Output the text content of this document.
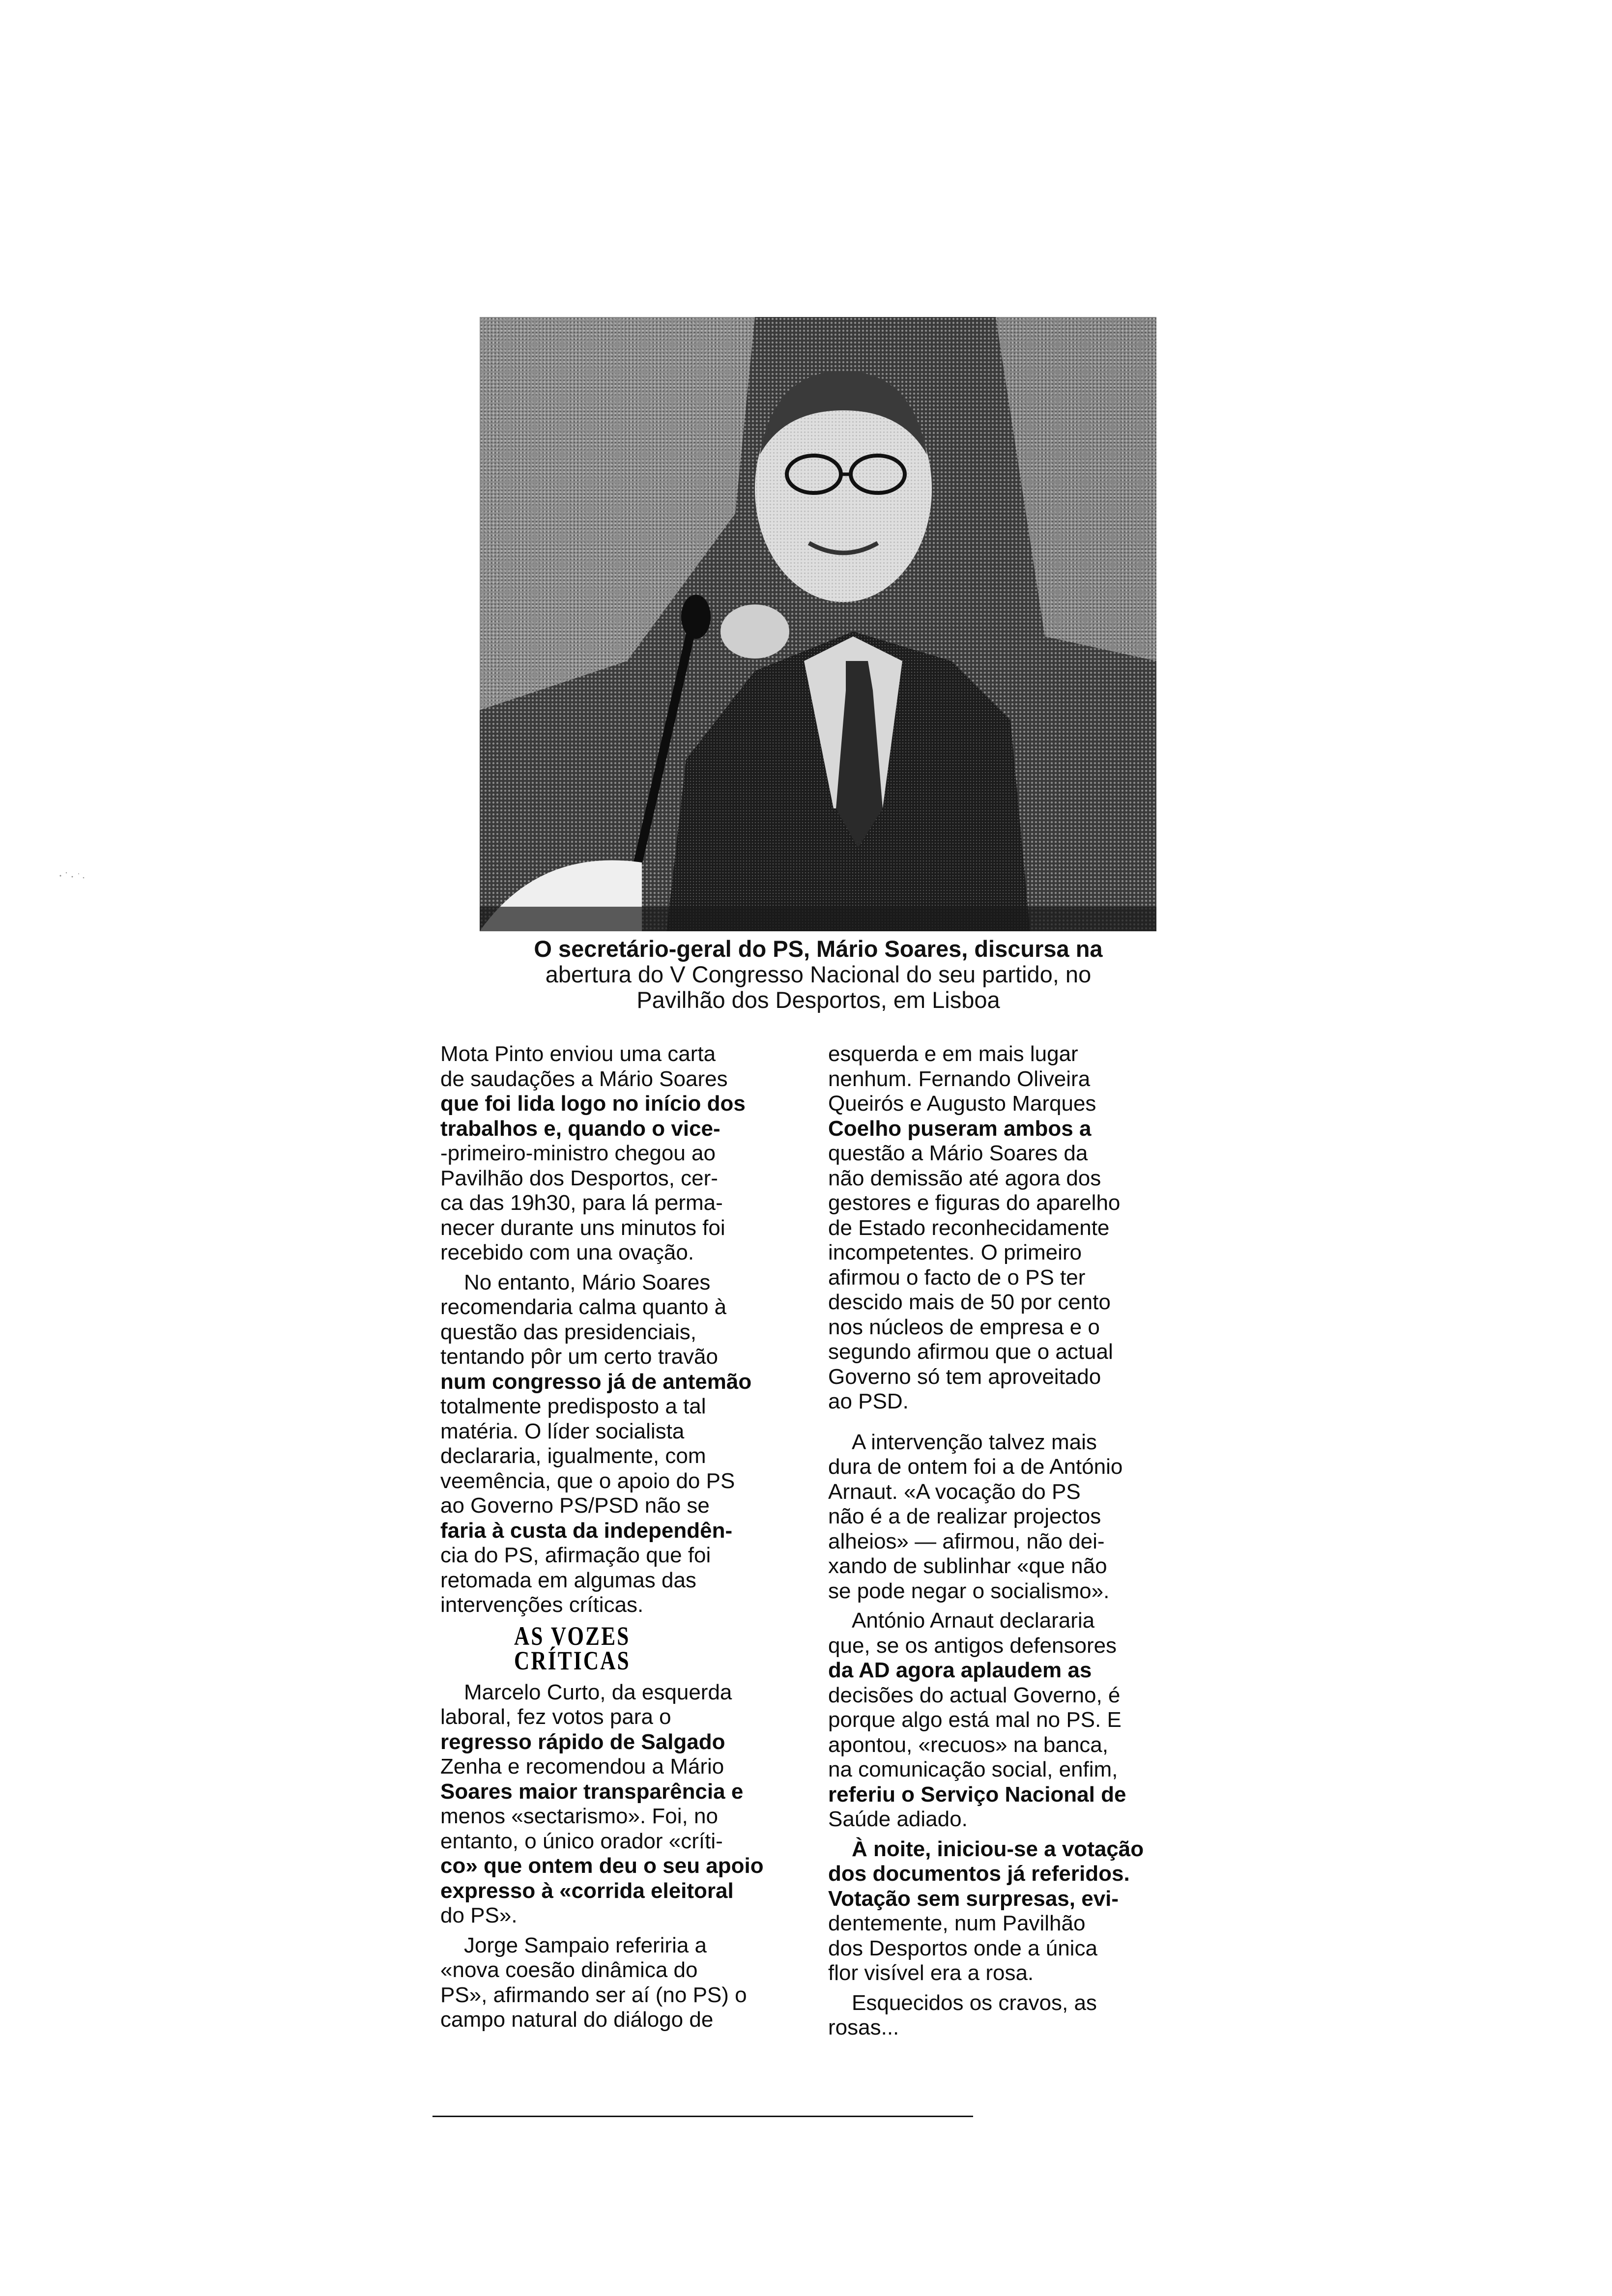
O secretário-geral do PS, Mário Soares, discursa na
abertura do V Congresso Nacional do seu partido, no
Pavilhão dos Desportos, em Lisboa
Mota Pinto enviou uma carta
de saudações a Mário Soares
que foi lida logo no início dos
trabalhos e, quando o vice-
-primeiro-ministro chegou ao
Pavilhão dos Desportos, cer-
ca das 19h30, para lá perma-
necer durante uns minutos foi
recebido com una ovação.
No entanto, Mário Soares
recomendaria calma quanto à
questão das presidenciais,
tentando pôr um certo travão
num congresso já de antemão
totalmente predisposto a tal
matéria. O líder socialista
declararia, igualmente, com
veemência, que o apoio do PS
ao Governo PS/PSD não se
faria à custa da independên-
cia do PS, afirmação que foi
retomada em algumas das
intervenções críticas.
AS VOZES CRÍTICAS
Marcelo Curto, da esquerda
laboral, fez votos para o
regresso rápido de Salgado
Zenha e recomendou a Mário
Soares maior transparência e
menos «sectarismo». Foi, no
entanto, o único orador «críti-
co» que ontem deu o seu apoio
expresso à «corrida eleitoral
do PS».
Jorge Sampaio referiria a
«nova coesão dinâmica do
PS», afirmando ser aí (no PS) o
campo natural do diálogo de
esquerda e em mais lugar
nenhum. Fernando Oliveira
Queirós e Augusto Marques
Coelho puseram ambos a
questão a Mário Soares da
não demissão até agora dos
gestores e figuras do aparelho
de Estado reconhecidamente
incompetentes. O primeiro
afirmou o facto de o PS ter
descido mais de 50 por cento
nos núcleos de empresa e o
segundo afirmou que o actual
Governo só tem aproveitado
ao PSD.
A intervenção talvez mais
dura de ontem foi a de António
Arnaut. «A vocação do PS
não é a de realizar projectos
alheios» — afirmou, não dei-
xando de sublinhar «que não
se pode negar o socialismo».
António Arnaut declararia
que, se os antigos defensores
da AD agora aplaudem as
decisões do actual Governo, é
porque algo está mal no PS. E
apontou, «recuos» na banca,
na comunicação social, enfim,
referiu o Serviço Nacional de
Saúde adiado.
À noite, iniciou-se a votação
dos documentos já referidos.
Votação sem surpresas, evi-
dentemente, num Pavilhão
dos Desportos onde a única
flor visível era a rosa.
Esquecidos os cravos, as
rosas...
